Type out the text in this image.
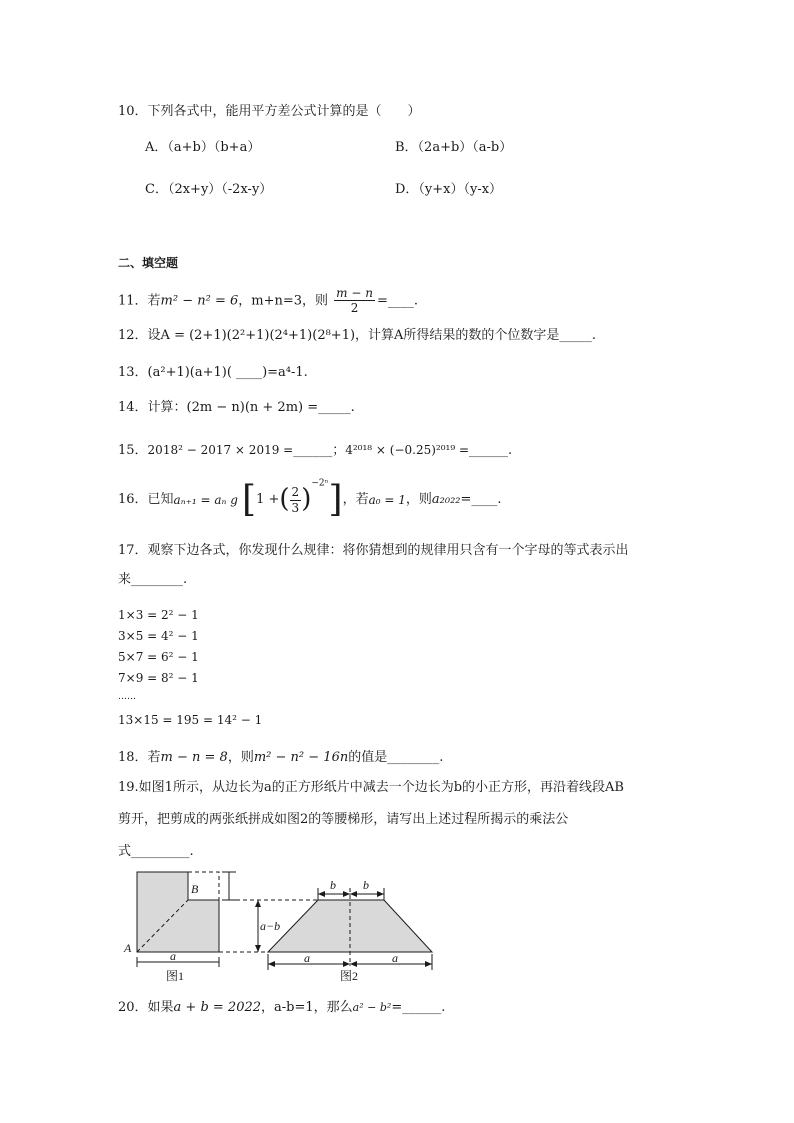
10．下列各式中，能用平方差公式计算的是（　　）
A．（a+b）（b+a）	B．（2a+b）（a-b）
C．（2x+y）（-2x-y）	D．（y+x）（y-x）
二、填空题
11．若m² − n² = 6，m+n=3，则 $\frac{m - n}{2}$ =____.
12．设A = (2+1)(2²+1)(2⁴+1)(2⁸+1)，计算A所得结果的数的个位数字是_____.
13．(a²+1)(a+1)( ____)=a⁴-1.
14．计算：(2m − n)(n + 2m) =_____.
15．2018² − 2017 × 2019 =______；4²⁰¹⁸ × (−0.25)²⁰¹⁹ =______.
16．已知aₙ₊₁ = aₙ g [1 +( $\frac{2}{3} )^{-2^n}$]，若a₀ = 1，则a₂₀₂₂=____.
17．观察下边各式，你发现什么规律：将你猜想到的规律用只含有一个字母的等式表示出
来________.
1×3 = 2² − 1
3×5 = 4² − 1
5×7 = 6² − 1
7×9 = 8² − 1
……
13×15 = 195 = 14² − 1
18．若m − n = 8，则m² − n² − 16n的值是________.
19.如图1所示，从边长为a的正方形纸片中减去一个边长为b的小正方形，再沿着线段AB
剪开，把剪成的两张纸拼成如图2的等腰梯形，请写出上述过程所揭示的乘法公
式_________.
A
B
a
图1
a−b
b b
a	a
图2
20．如果a + b = 2022，a-b=1，那么a² − b²=______.
